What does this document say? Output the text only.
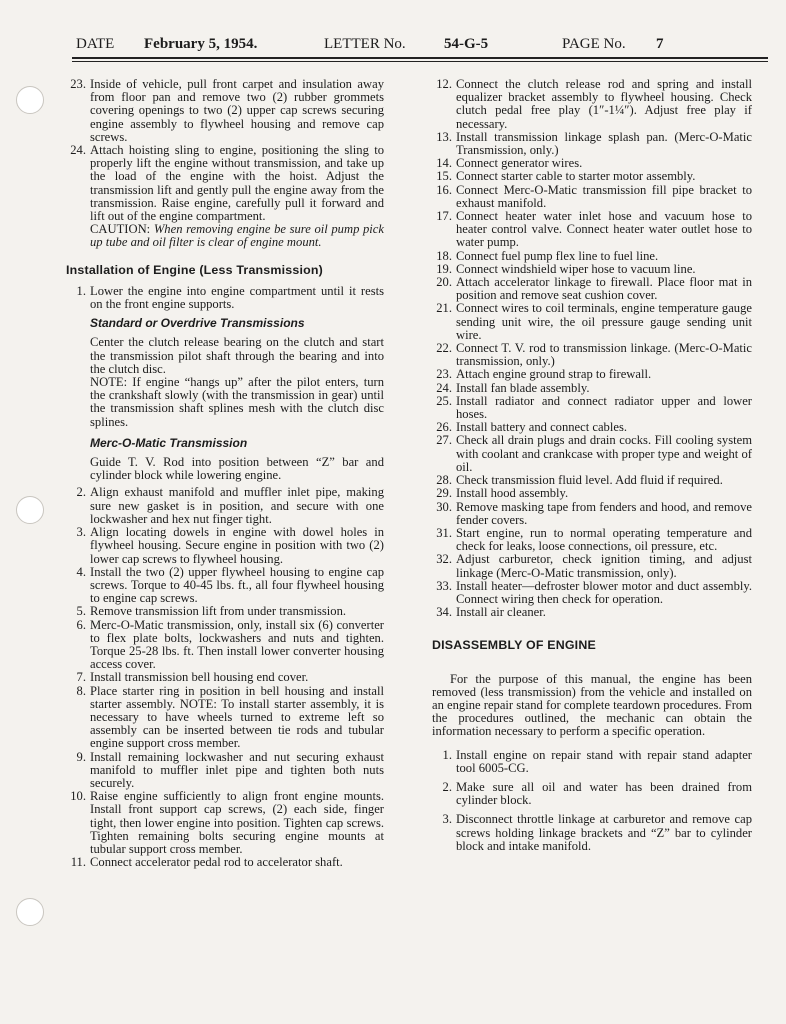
DATE February 5, 1954.	LETTER No.	54-G-5	PAGE No. 7
23. Inside of vehicle, pull front carpet and insulation away from floor pan and remove two (2) rubber grommets covering openings to two (2) upper cap screws securing engine assembly to flywheel housing and remove cap screws.
24. Attach hoisting sling to engine, positioning the sling to properly lift the engine without transmission, and take up the load of the engine with the hoist. Adjust the transmission lift and gently pull the engine away from the transmission. Raise engine, carefully pull it forward and lift out of the engine compartment.
CAUTION: When removing engine be sure oil pump pick up tube and oil filter is clear of engine mount.
Installation of Engine (Less Transmission)
1. Lower the engine into engine compartment until it rests on the front engine supports.
Standard or Overdrive Transmissions
Center the clutch release bearing on the clutch and start the transmission pilot shaft through the bearing and into the clutch disc.
NOTE: If engine “hangs up” after the pilot enters, turn the crankshaft slowly (with the transmission in gear) until the transmission shaft splines mesh with the clutch disc splines.
Merc-O-Matic Transmission
Guide T. V. Rod into position between “Z” bar and cylinder block while lowering engine.
2. Align exhaust manifold and muffler inlet pipe, making sure new gasket is in position, and secure with one lockwasher and hex nut finger tight.
3. Align locating dowels in engine with dowel holes in flywheel housing. Secure engine in position with two (2) lower cap screws to flywheel housing.
4. Install the two (2) upper flywheel housing to engine cap screws. Torque to 40-45 lbs. ft., all four flywheel housing to engine cap screws.
5. Remove transmission lift from under transmission.
6. Merc-O-Matic transmission, only, install six (6) converter to flex plate bolts, lockwashers and nuts and tighten. Torque 25-28 lbs. ft. Then install lower converter housing access cover.
7. Install transmission bell housing end cover.
8. Place starter ring in position in bell housing and install starter assembly. NOTE: To install starter assembly, it is necessary to have wheels turned to extreme left so assembly can be inserted between tie rods and tubular engine support cross member.
9. Install remaining lockwasher and nut securing exhaust manifold to muffler inlet pipe and tighten both nuts securely.
10. Raise engine sufficiently to align front engine mounts. Install front support cap screws, (2) each side, finger tight, then lower engine into position. Tighten cap screws. Tighten remaining bolts securing engine mounts at tubular support cross member.
11. Connect accelerator pedal rod to accelerator shaft.
12. Connect the clutch release rod and spring and install equalizer bracket assembly to flywheel housing. Check clutch pedal free play (1″-1¼″). Adjust free play if necessary.
13. Install transmission linkage splash pan. (Merc-O-Matic Transmission, only.)
14. Connect generator wires.
15. Connect starter cable to starter motor assembly.
16. Connect Merc-O-Matic transmission fill pipe bracket to exhaust manifold.
17. Connect heater water inlet hose and vacuum hose to heater control valve. Connect heater water outlet hose to water pump.
18. Connect fuel pump flex line to fuel line.
19. Connect windshield wiper hose to vacuum line.
20. Attach accelerator linkage to firewall. Place floor mat in position and remove seat cushion cover.
21. Connect wires to coil terminals, engine temperature gauge sending unit wire, the oil pressure gauge sending unit wire.
22. Connect T. V. rod to transmission linkage. (Merc-O-Matic transmission, only.)
23. Attach engine ground strap to firewall.
24. Install fan blade assembly.
25. Install radiator and connect radiator upper and lower hoses.
26. Install battery and connect cables.
27. Check all drain plugs and drain cocks. Fill cooling system with coolant and crankcase with proper type and weight of oil.
28. Check transmission fluid level. Add fluid if required.
29. Install hood assembly.
30. Remove masking tape from fenders and hood, and remove fender covers.
31. Start engine, run to normal operating temperature and check for leaks, loose connections, oil pressure, etc.
32. Adjust carburetor, check ignition timing, and adjust linkage (Merc-O-Matic transmission, only).
33. Install heater—defroster blower motor and duct assembly. Connect wiring then check for operation.
34. Install air cleaner.
DISASSEMBLY OF ENGINE
For the purpose of this manual, the engine has been removed (less transmission) from the vehicle and installed on an engine repair stand for complete teardown procedures. From the procedures outlined, the mechanic can obtain the information necessary to perform a specific operation.
1. Install engine on repair stand with repair stand adapter tool 6005-CG.
2. Make sure all oil and water has been drained from cylinder block.
3. Disconnect throttle linkage at carburetor and remove cap screws holding linkage brackets and “Z” bar to cylinder block and intake manifold.
